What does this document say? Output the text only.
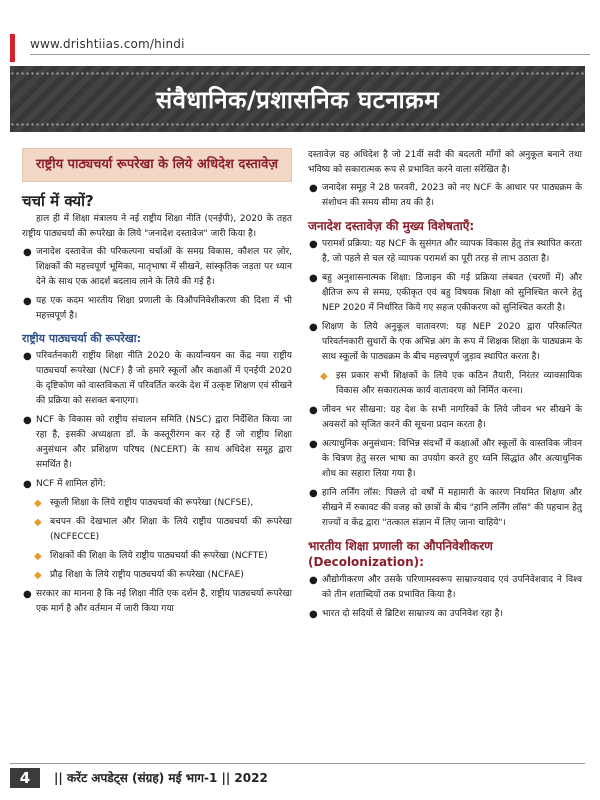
www.drishtiias.com/hindi
संवैधानिक/प्रशासनिक घटनाक्रम
राष्ट्रीय पाठ्यचर्या रूपरेखा के लिये अधिदेश दस्तावेज़
चर्चा में क्यों?

हाल ही में शिक्षा मंत्रालय ने नई राष्ट्रीय शिक्षा नीति (एनईपी), 2020 के तहत राष्ट्रीय पाठ्यचर्या की रूपरेखा के लिये "जनादेश दस्तावेज" जारी किया है।

● जनादेश दस्तावेज की परिकल्पना चर्चाओं के समग्र विकास, कौशल पर ज़ोर, शिक्षकों की महत्त्वपूर्ण भूमिका, मातृभाषा में सीखने, सांस्कृतिक जड़ता पर ध्यान देने के साथ एक आदर्श बदलाव लाने के लिये की गई है।
● यह एक कदम भारतीय शिक्षा प्रणाली के विऔपनिवेशीकरण की दिशा में भी महत्त्वपूर्ण है।
राष्ट्रीय पाठ्यचर्या की रूपरेखा:
● परिवर्तनकारी राष्ट्रीय शिक्षा नीति 2020 के कार्यान्वयन का केंद्र नया राष्ट्रीय पाठ्यचर्या रूपरेखा (NCF) है जो हमारे स्कूलों और कक्षाओं में एनईपी 2020 के दृष्टिकोण को वास्तविकता में परिवर्तित करके देश में उत्कृष्ट शिक्षण एवं सीखने की प्रक्रिया को सशक्त बनाएगा।
● NCF के विकास को राष्ट्रीय संचालन समिति (NSC) द्वारा निर्देशित किया जा रहा है, इसकी अध्यक्षता डॉ. के कस्तूरीरंगन कर रहे हैं जो राष्ट्रीय शिक्षा अनुसंधान और प्रशिक्षण परिषद (NCERT) के साथ अधिदेश समूह द्वारा समर्थित है।
● NCF में शामिल होंगे:
◆ स्कूली शिक्षा के लिये राष्ट्रीय पाठ्यचर्या की रूपरेखा (NCFSE),
◆ बचपन की देखभाल और शिक्षा के लिये राष्ट्रीय पाठ्यचर्या की रूपरेखा (NCFECCE)
◆ शिक्षकों की शिक्षा के लिये राष्ट्रीय पाठ्यचर्या की रूपरेखा (NCFTE)
◆ प्रौढ़ शिक्षा के लिये राष्ट्रीय पाठ्यचर्या की रूपरेखा (NCFAE)
● सरकार का मानना है कि नई शिक्षा नीति एक दर्शन है, राष्ट्रीय पाठ्यचर्या रूपरेखा एक मार्ग है और वर्तमान में जारी किया गया

दस्तावेज़ वह अधिदेश है जो 21वीं सदी की बदलती माँगों को अनुकूल बनाने तथा भविष्य को सकारात्मक रूप से प्रभावित करने वाला संरेखित है।

● जनादेश समूह ने 28 फरवरी, 2023 को नए NCF के आधार पर पाठ्यक्रम के संशोधन की समय सीमा तय की है।
जनादेश दस्तावेज़ की मुख्य विशेषताएँ:
● परामर्श प्रक्रिया: यह NCF के सुसंगत और व्यापक विकास हेतु तंत्र स्थापित करता है, जो पहले से चल रहे व्यापक परामर्श का पूरी तरह से लाभ उठाता है।
● बहु अनुशासनात्मक शिक्षा: डिजाइन की गई प्रक्रिया लंबवत (चरणों में) और क्षैतिज रूप से समग्र, एकीकृत एवं बहु विषयक शिक्षा को सुनिश्चित करने हेतु NEP 2020 में निर्धारित किये गए सहज एकीकरण को सुनिश्चित करती है।
● शिक्षण के लिये अनुकूल वातावरण: यह NEP 2020 द्वारा परिकल्पित परिवर्तनकारी सुधारों के एक अभिन्न अंग के रूप में शिक्षक शिक्षा के पाठ्यक्रम के साथ स्कूलों के पाठ्यक्रम के बीच महत्त्वपूर्ण जुड़ाव स्थापित करता है।
◆ इस प्रकार सभी शिक्षकों के लिये एक कठिन तैयारी, निरंतर व्यावसायिक विकास और सकारात्मक कार्य वातावरण को निर्मित करना।
● जीवन भर सीखना: यह देश के सभी नागरिकों के लिये जीवन भर सीखने के अवसरों को सृजित करने की सूचना प्रदान करता है।
● अत्याधुनिक अनुसंधान: विभिन्न संदर्भों में कक्षाओं और स्कूलों के वास्तविक जीवन के चित्रण हेतु सरल भाषा का उपयोग करते हुए ध्वनि सिद्धांत और अत्याधुनिक शोध का सहारा लिया गया है।
● हानि लर्निंग लॉस: पिछले दो वर्षों में महामारी के कारण नियमित शिक्षण और सीखने में रुकावट की वजह को छात्रों के बीच "हानि लर्निंग लॉस" की पहचान हेतु राज्यों व केंद्र द्वारा "तत्काल संज्ञान में लिए जाना चाहिये"।
भारतीय शिक्षा प्रणाली का औपनिवेशीकरण (Decolonization):
● औद्योगीकरण और उसके परिणामस्वरूप साम्राज्यवाद एवं उपनिवेशवाद ने विश्व को तीन शताब्दियों तक प्रभावित किया है।
● भारत दो सदियों से ब्रिटिश साम्राज्य का उपनिवेश रहा है।
4	|| करेंट अपडेट्स (संग्रह) मई भाग-1 || 2022
